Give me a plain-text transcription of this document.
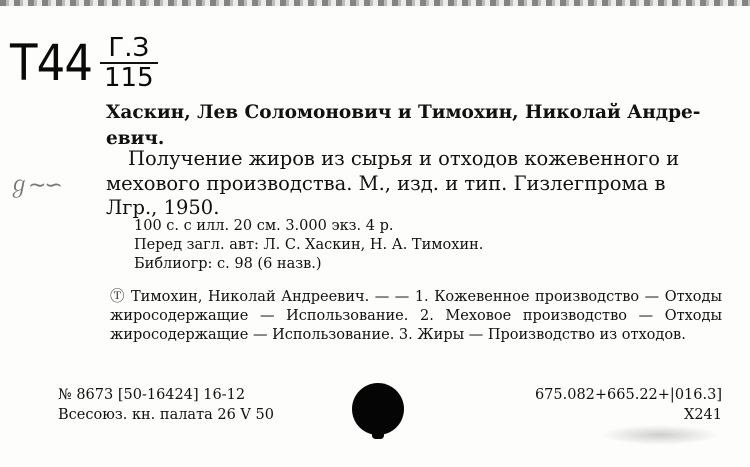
Т44 Г.З
115
ℊ∼∽
Хаскин, Лев Соломонович и Тимохин, Николай Андре-

евич.
Получение жиров из сырья и отходов кожевенного и
мехового производства. М., изд. и тип. Гизлегпрома в
Лгр., 1950.
100 с. с илл. 20 см. 3.000 экз. 4 р.
Перед загл. авт: Л. С. Хаскин, Н. А. Тимохин.
Библиогр: с. 98 (6 назв.)
Ⓣ Тимохин, Николай Андреевич. — — 1. Кожевенное производство — Отходы жиросодержащие — Использование. 2. Меховое производство — Отходы жиросодержащие — Использование. 3. Жиры — Производство из отходов.
№ 8673 [50-16424] 16-12
Всесоюз. кн. палата 26 V 50
675.082+665.22+|016.3]
Х241
